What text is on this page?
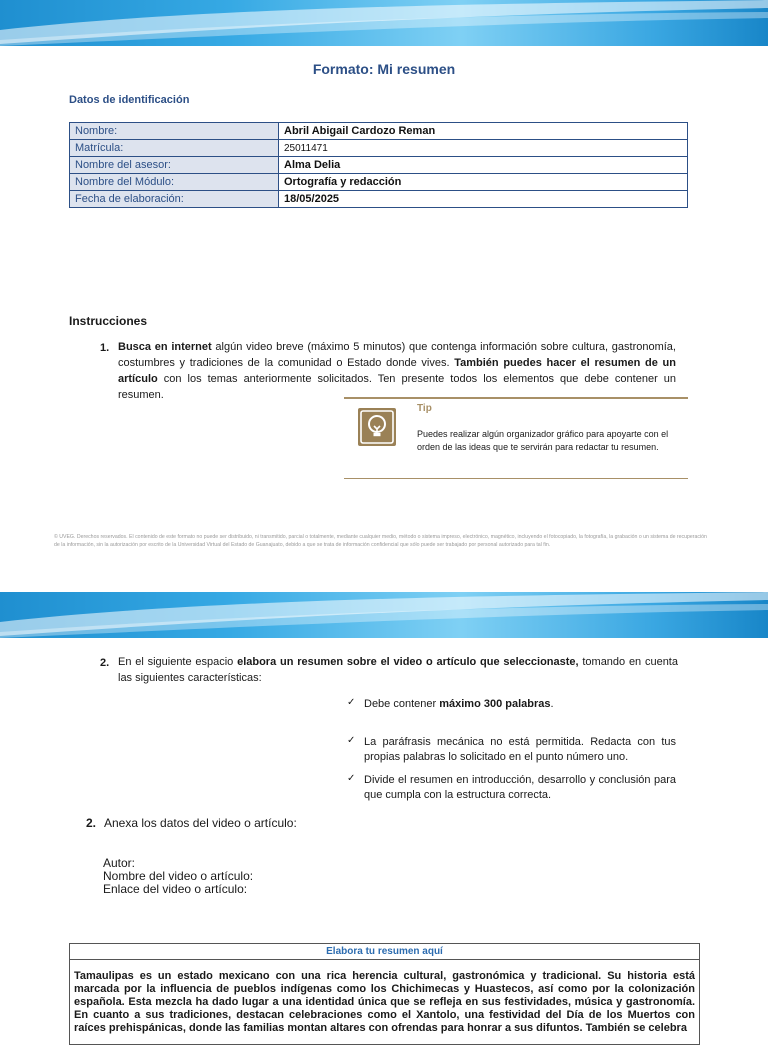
Formato: Mi resumen
Datos de identificación
Nombre:	Abril Abigail Cardozo Reman
Matrícula:	25011471
Nombre del asesor:	Alma Delia
Nombre del Módulo:	Ortografía y redacción
Fecha de elaboración:	18/05/2025
Instrucciones
1. Busca en internet algún video breve (máximo 5 minutos) que contenga información sobre cultura, gastronomía, costumbres y tradiciones de la comunidad o Estado donde vives. También puedes hacer el resumen de un artículo con los temas anteriormente solicitados. Ten presente todos los elementos que debe contener un resumen.
Tip
Puedes realizar algún organizador gráfico para apoyarte con el orden de las ideas que te servirán para redactar tu resumen.
© UVEG. Derechos reservados. El contenido de este formato no puede ser distribuido, ni transmitido, parcial o totalmente, mediante cualquier medio, método o sistema impreso, electrónico, magnético, incluyendo el fotocopiado, la fotografía, la grabación o un sistema de recuperación de la información, sin la autorización por escrito de la Universidad Virtual del Estado de Guanajuato, debido a que se trata de información confidencial que sólo puede ser trabajado por personal autorizado para tal fin.
2. En el siguiente espacio elabora un resumen sobre el video o artículo que seleccionaste, tomando en cuenta las siguientes características:
✓ Debe contener máximo 300 palabras.
✓ La paráfrasis mecánica no está permitida. Redacta con tus propias palabras lo solicitado en el punto número uno.
✓ Divide el resumen en introducción, desarrollo y conclusión para que cumpla con la estructura correcta.
2. Anexa los datos del video o artículo:
Autor:
Nombre del video o artículo:
Enlace del video o artículo:
Elabora tu resumen aquí
Tamaulipas es un estado mexicano con una rica herencia cultural, gastronómica y tradicional. Su historia está marcada por la influencia de pueblos indígenas como los Chichimecas y Huastecos, así como por la colonización española. Esta mezcla ha dado lugar a una identidad única que se refleja en sus festividades, música y gastronomía. En cuanto a sus tradiciones, destacan celebraciones como el Xantolo, una festividad del Día de los Muertos con raíces prehispánicas, donde las familias montan altares con ofrendas para honrar a sus difuntos. También se celebra
